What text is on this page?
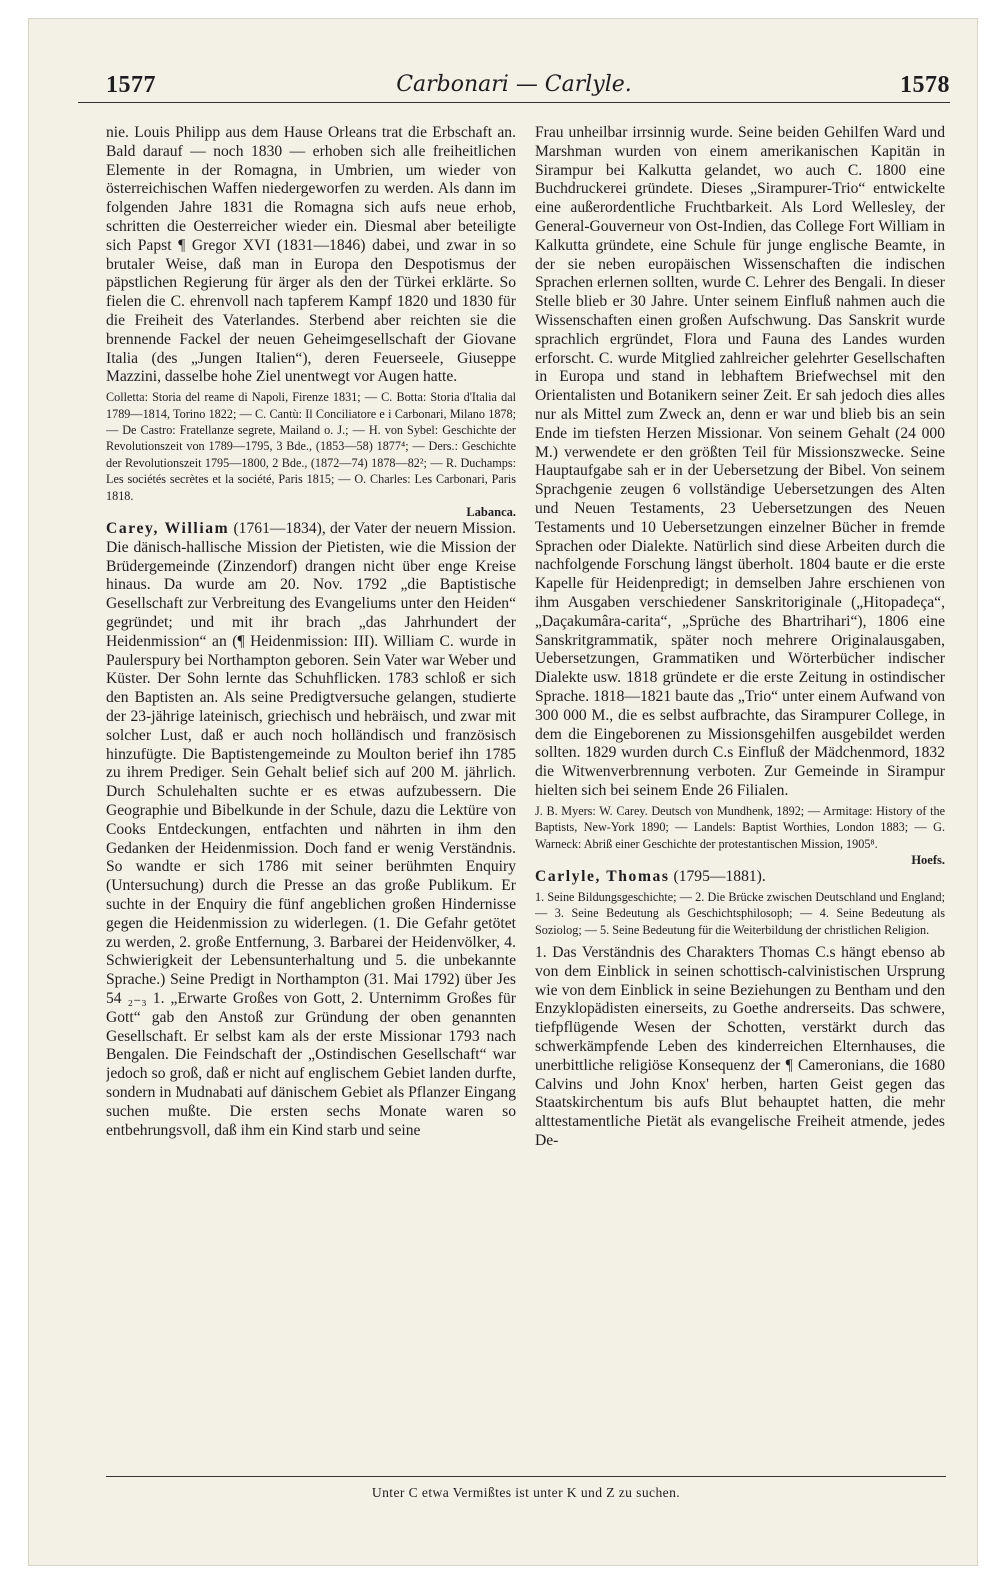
1577	Carbonari — Carlyle.	1578

nie. Louis Philipp aus dem Hause Orleans trat die Erbschaft an. Bald darauf — noch 1830 — erhoben sich alle freiheitlichen Elemente in der Romagna, in Umbrien, um wieder von österreichischen Waffen niedergeworfen zu werden. Als dann im folgenden Jahre 1831 die Romagna sich aufs neue erhob, schritten die Oesterreicher wieder ein. Diesmal aber beteiligte sich Papst ¶ Gregor XVI (1831—1846) dabei, und zwar in so brutaler Weise, daß man in Europa den Despotismus der päpstlichen Regierung für ärger als den der Türkei erklärte. So fielen die C. ehrenvoll nach tapferem Kampf 1820 und 1830 für die Freiheit des Vaterlandes. Sterbend aber reichten sie die brennende Fackel der neuen Geheimgesellschaft der Giovane Italia (des „Jungen Italien“), deren Feuerseele, Giuseppe Mazzini, dasselbe hohe Ziel unentwegt vor Augen hatte.

Colletta: Storia del reame di Napoli, Firenze 1831; — C. Botta: Storia d'Italia dal 1789—1814, Torino 1822; — C. Cantù: Il Conciliatore e i Carbonari, Milano 1878; — De Castro: Fratellanze segrete, Mailand o. J.; — H. von Sybel: Geschichte der Revolutionszeit von 1789—1795, 3 Bde., (1853—58) 1877⁴; — Ders.: Geschichte der Revolutionszeit 1795—1800, 2 Bde., (1872—74) 1878—82²; — R. Duchamps: Les sociétés secrètes et la société, Paris 1815; — O. Charles: Les Carbonari, Paris 1818.

Labanca.

Carey, William (1761—1834), der Vater der neuern Mission. Die dänisch-hallische Mission der Pietisten, wie die Mission der Brüdergemeinde (Zinzendorf) drangen nicht über enge Kreise hinaus. Da wurde am 20. Nov. 1792 „die Baptistische Gesellschaft zur Verbreitung des Evangeliums unter den Heiden“ gegründet; und mit ihr brach „das Jahrhundert der Heidenmission“ an (¶ Heidenmission: III). William C. wurde in Paulerspury bei Northampton geboren. Sein Vater war Weber und Küster. Der Sohn lernte das Schuhflicken. 1783 schloß er sich den Baptisten an. Als seine Predigtversuche gelangen, studierte der 23-jährige lateinisch, griechisch und hebräisch, und zwar mit solcher Lust, daß er auch noch holländisch und französisch hinzufügte. Die Baptistengemeinde zu Moulton berief ihn 1785 zu ihrem Prediger. Sein Gehalt belief sich auf 200 M. jährlich. Durch Schulehalten suchte er es etwas aufzubessern. Die Geographie und Bibelkunde in der Schule, dazu die Lektüre von Cooks Entdeckungen, entfachten und nährten in ihm den Gedanken der Heidenmission. Doch fand er wenig Verständnis. So wandte er sich 1786 mit seiner berühmten Enquiry (Untersuchung) durch die Presse an das große Publikum. Er suchte in der Enquiry die fünf angeblichen großen Hindernisse gegen die Heidenmission zu widerlegen. (1. Die Gefahr getötet zu werden, 2. große Entfernung, 3. Barbarei der Heidenvölker, 4. Schwierigkeit der Lebensunterhaltung und 5. die unbekannte Sprache.) Seine Predigt in Northampton (31. Mai 1792) über Jes 54 ₂₋₃ 1. „Erwarte Großes von Gott, 2. Unternimm Großes für Gott“ gab den Anstoß zur Gründung der oben genannten Gesellschaft. Er selbst kam als der erste Missionar 1793 nach Bengalen. Die Feindschaft der „Ostindischen Gesellschaft“ war jedoch so groß, daß er nicht auf englischem Gebiet landen durfte, sondern in Mudnabati auf dänischem Gebiet als Pflanzer Eingang suchen mußte. Die ersten sechs Monate waren so entbehrungsvoll, daß ihm ein Kind starb und seine

Frau unheilbar irrsinnig wurde. Seine beiden Gehilfen Ward und Marshman wurden von einem amerikanischen Kapitän in Sirampur bei Kalkutta gelandet, wo auch C. 1800 eine Buchdruckerei gründete. Dieses „Sirampurer-Trio“ entwickelte eine außerordentliche Fruchtbarkeit. Als Lord Wellesley, der General-Gouverneur von Ost-Indien, das College Fort William in Kalkutta gründete, eine Schule für junge englische Beamte, in der sie neben europäischen Wissenschaften die indischen Sprachen erlernen sollten, wurde C. Lehrer des Bengali. In dieser Stelle blieb er 30 Jahre. Unter seinem Einfluß nahmen auch die Wissenschaften einen großen Aufschwung. Das Sanskrit wurde sprachlich ergründet, Flora und Fauna des Landes wurden erforscht. C. wurde Mitglied zahlreicher gelehrter Gesellschaften in Europa und stand in lebhaftem Briefwechsel mit den Orientalisten und Botanikern seiner Zeit. Er sah jedoch dies alles nur als Mittel zum Zweck an, denn er war und blieb bis an sein Ende im tiefsten Herzen Missionar. Von seinem Gehalt (24 000 M.) verwendete er den größten Teil für Missionszwecke. Seine Hauptaufgabe sah er in der Uebersetzung der Bibel. Von seinem Sprachgenie zeugen 6 vollständige Uebersetzungen des Alten und Neuen Testaments, 23 Uebersetzungen des Neuen Testaments und 10 Uebersetzungen einzelner Bücher in fremde Sprachen oder Dialekte. Natürlich sind diese Arbeiten durch die nachfolgende Forschung längst überholt. 1804 baute er die erste Kapelle für Heidenpredigt; in demselben Jahre erschienen von ihm Ausgaben verschiedener Sanskritoriginale („Hitopadeça“, „Daçakumâra-carita“, „Sprüche des Bhartrihari“), 1806 eine Sanskritgrammatik, später noch mehrere Originalausgaben, Uebersetzungen, Grammatiken und Wörterbücher indischer Dialekte usw. 1818 gründete er die erste Zeitung in ostindischer Sprache. 1818—1821 baute das „Trio“ unter einem Aufwand von 300 000 M., die es selbst aufbrachte, das Sirampurer College, in dem die Eingeborenen zu Missionsgehilfen ausgebildet werden sollten. 1829 wurden durch C.s Einfluß der Mädchenmord, 1832 die Witwenverbrennung verboten. Zur Gemeinde in Sirampur hielten sich bei seinem Ende 26 Filialen.

J. B. Myers: W. Carey. Deutsch von Mundhenk, 1892; — Armitage: History of the Baptists, New-York 1890; — Landels: Baptist Worthies, London 1883; — G. Warneck: Abriß einer Geschichte der protestantischen Mission, 1905⁸.

Hoefs.

Carlyle, Thomas (1795—1881).

1. Seine Bildungsgeschichte; — 2. Die Brücke zwischen Deutschland und England; — 3. Seine Bedeutung als Geschichtsphilosoph; — 4. Seine Bedeutung als Soziolog; — 5. Seine Bedeutung für die Weiterbildung der christlichen Religion.

1. Das Verständnis des Charakters Thomas C.s hängt ebenso ab von dem Einblick in seinen schottisch-calvinistischen Ursprung wie von dem Einblick in seine Beziehungen zu Bentham und den Enzyklopädisten einerseits, zu Goethe andrerseits. Das schwere, tiefpflügende Wesen der Schotten, verstärkt durch das schwerkämpfende Leben des kinderreichen Elternhauses, die unerbittliche religiöse Konsequenz der ¶ Cameronians, die 1680 Calvins und John Knox' herben, harten Geist gegen das Staatskirchentum bis aufs Blut behauptet hatten, die mehr alttestamentliche Pietät als evangelische Freiheit atmende, jedes De-

Unter C etwa Vermißtes ist unter K und Z zu suchen.
